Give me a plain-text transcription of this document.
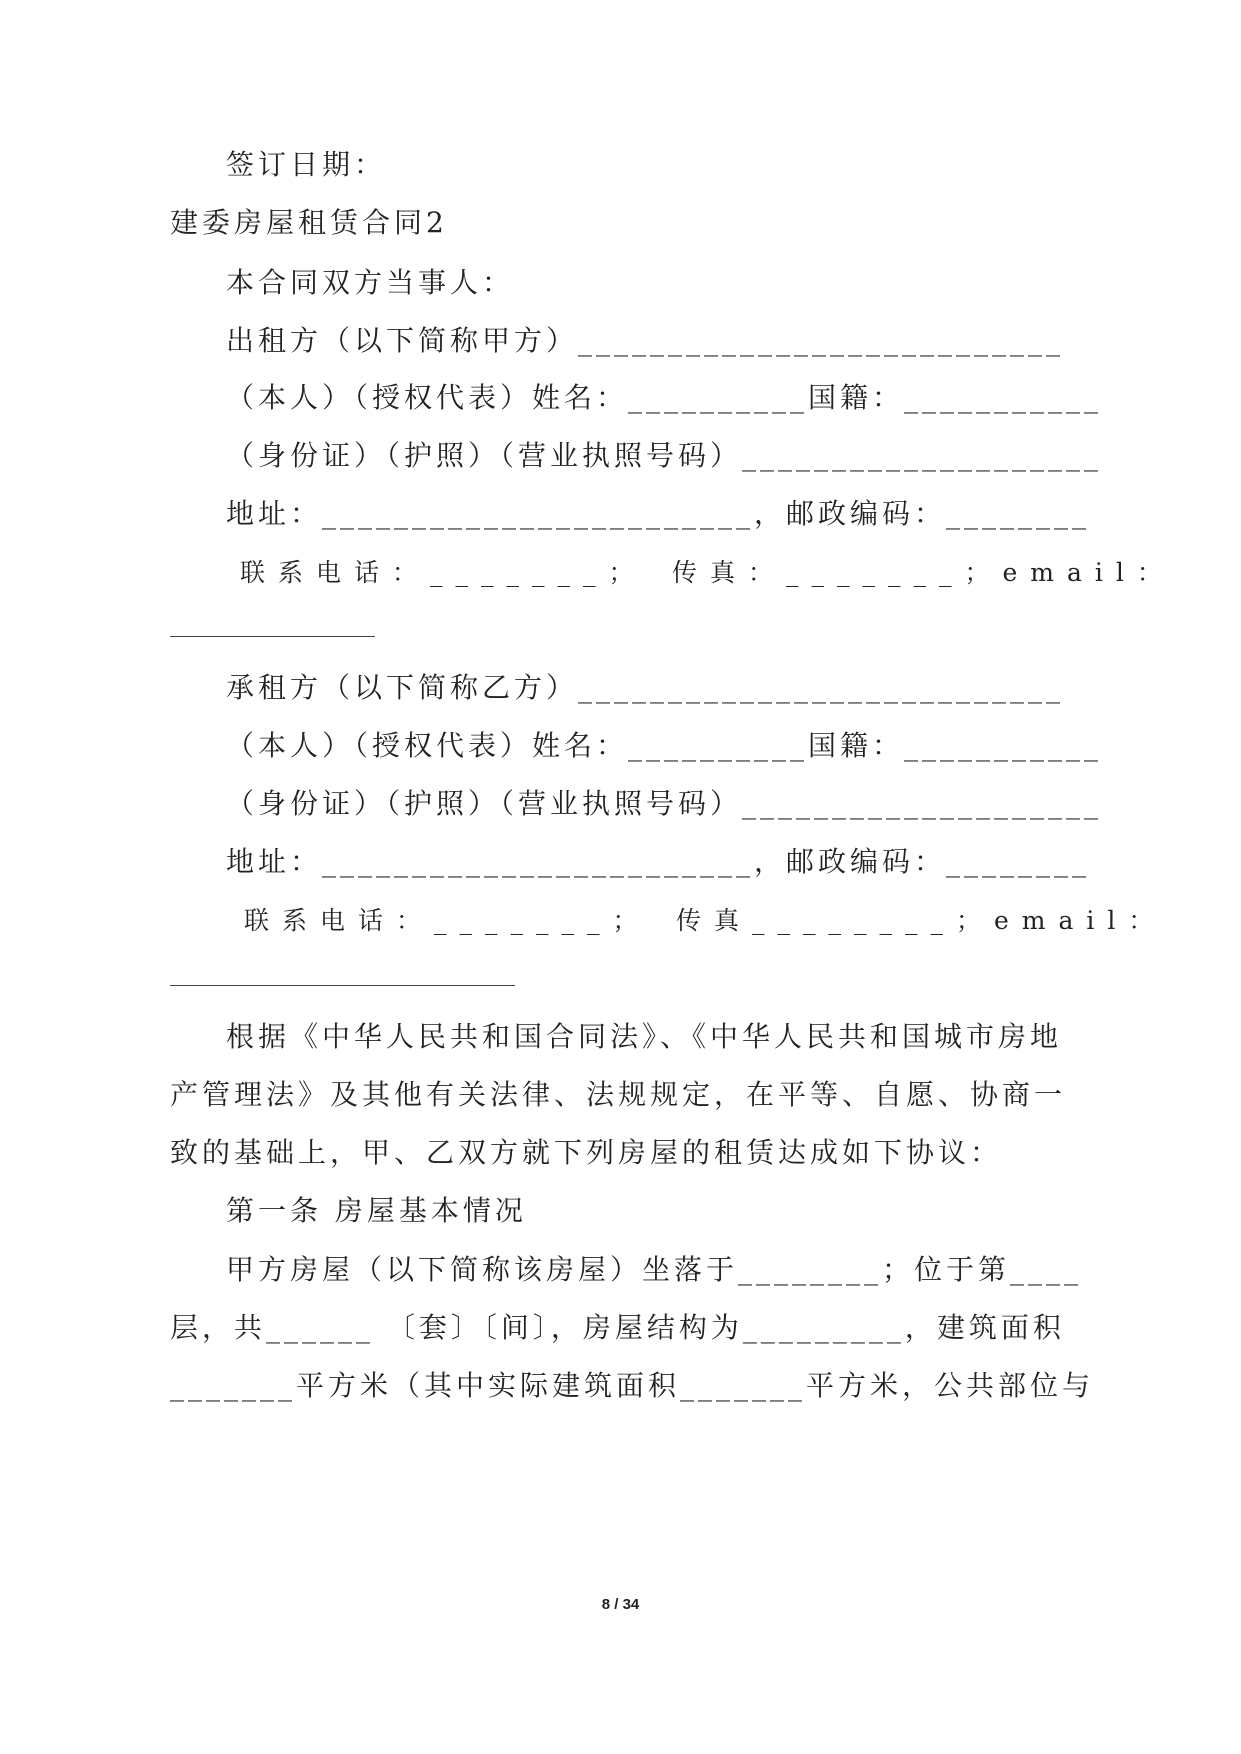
签订日期：
建委房屋租赁合同2
本合同双方当事人：
出租方（以下简称甲方）___________________________
（本人）（授权代表）姓名：__________国籍：___________
（身份证）（护照）（营业执照号码）____________________
地址：________________________，邮政编码：________
联系电话：_______；　传真：_______；email：
承租方（以下简称乙方）___________________________
（本人）（授权代表）姓名：__________国籍：___________
（身份证）（护照）（营业执照号码）____________________
地址：________________________，邮政编码：________
联系电话：_______；　传真________；email：
根据《中华人民共和国合同法》、《中华人民共和国城市房地
产管理法》及其他有关法律、法规规定，在平等、自愿、协商一
致的基础上，甲、乙双方就下列房屋的租赁达成如下协议：
第一条 房屋基本情况
甲方房屋（以下简称该房屋）坐落于________；位于第____
层，共______ 〔套〕〔间〕，房屋结构为_________，建筑面积
_______平方米（其中实际建筑面积_______平方米，公共部位与
8 / 34
